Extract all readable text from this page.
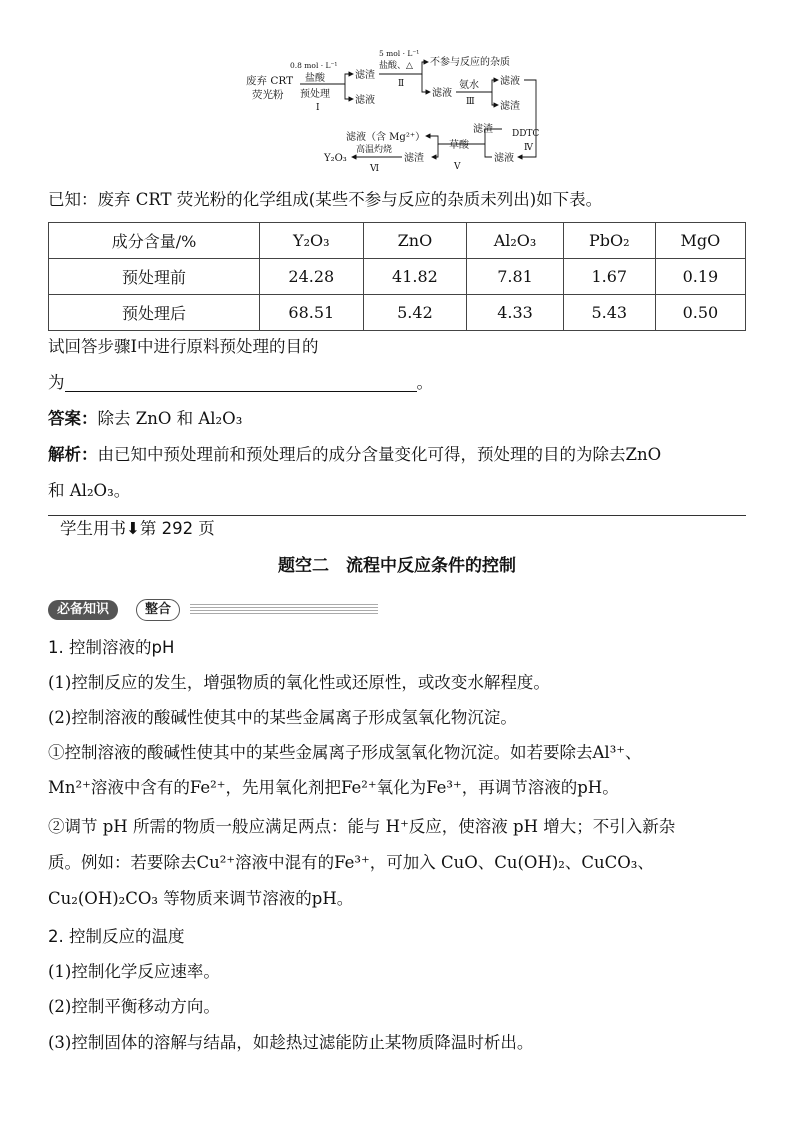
废弃 CRT
荧光粉
0.8 mol · L⁻¹
盐酸
预处理
Ⅰ
滤渣
滤液
5 mol · L⁻¹
盐酸、△
Ⅱ
不参与反应的杂质
滤液
氨水
Ⅲ
滤液
滤渣
DDTC
Ⅳ
滤渣
滤液
草酸
Ⅴ
滤液（含 Mg²⁺）
滤渣
高温灼烧
Ⅵ
Y₂O₃
已知：废弃 CRT 荧光粉的化学组成(某些不参与反应的杂质未列出)如下表。
成分含量/%	Y₂O₃	ZnO	Al₂O₃	PbO₂	MgO
预处理前	24.28	41.82	7.81	1.67	0.19
预处理后	68.51	5.42	4.33	5.43	0.50
试回答步骤Ⅰ中进行原料预处理的目的
为	。
答案：除去 ZnO 和 Al₂O₃
解析：由已知中预处理前和预处理后的成分含量变化可得，预处理的目的为除去ZnO
和 Al₂O₃。
学生用书⬇第 292 页
题空二　流程中反应条件的控制
必备知识	整合
1. 控制溶液的pH
(1)控制反应的发生，增强物质的氧化性或还原性，或改变水解程度。
(2)控制溶液的酸碱性使其中的某些金属离子形成氢氧化物沉淀。
①控制溶液的酸碱性使其中的某些金属离子形成氢氧化物沉淀。如若要除去Al³⁺、
Mn²⁺溶液中含有的Fe²⁺，先用氧化剂把Fe²⁺氧化为Fe³⁺，再调节溶液的pH。
②调节 pH 所需的物质一般应满足两点：能与 H⁺反应，使溶液 pH 增大；不引入新杂
质。例如：若要除去Cu²⁺溶液中混有的Fe³⁺，可加入 CuO、Cu(OH)₂、CuCO₃、
Cu₂(OH)₂CO₃ 等物质来调节溶液的pH。
2. 控制反应的温度
(1)控制化学反应速率。
(2)控制平衡移动方向。
(3)控制固体的溶解与结晶，如趁热过滤能防止某物质降温时析出。
